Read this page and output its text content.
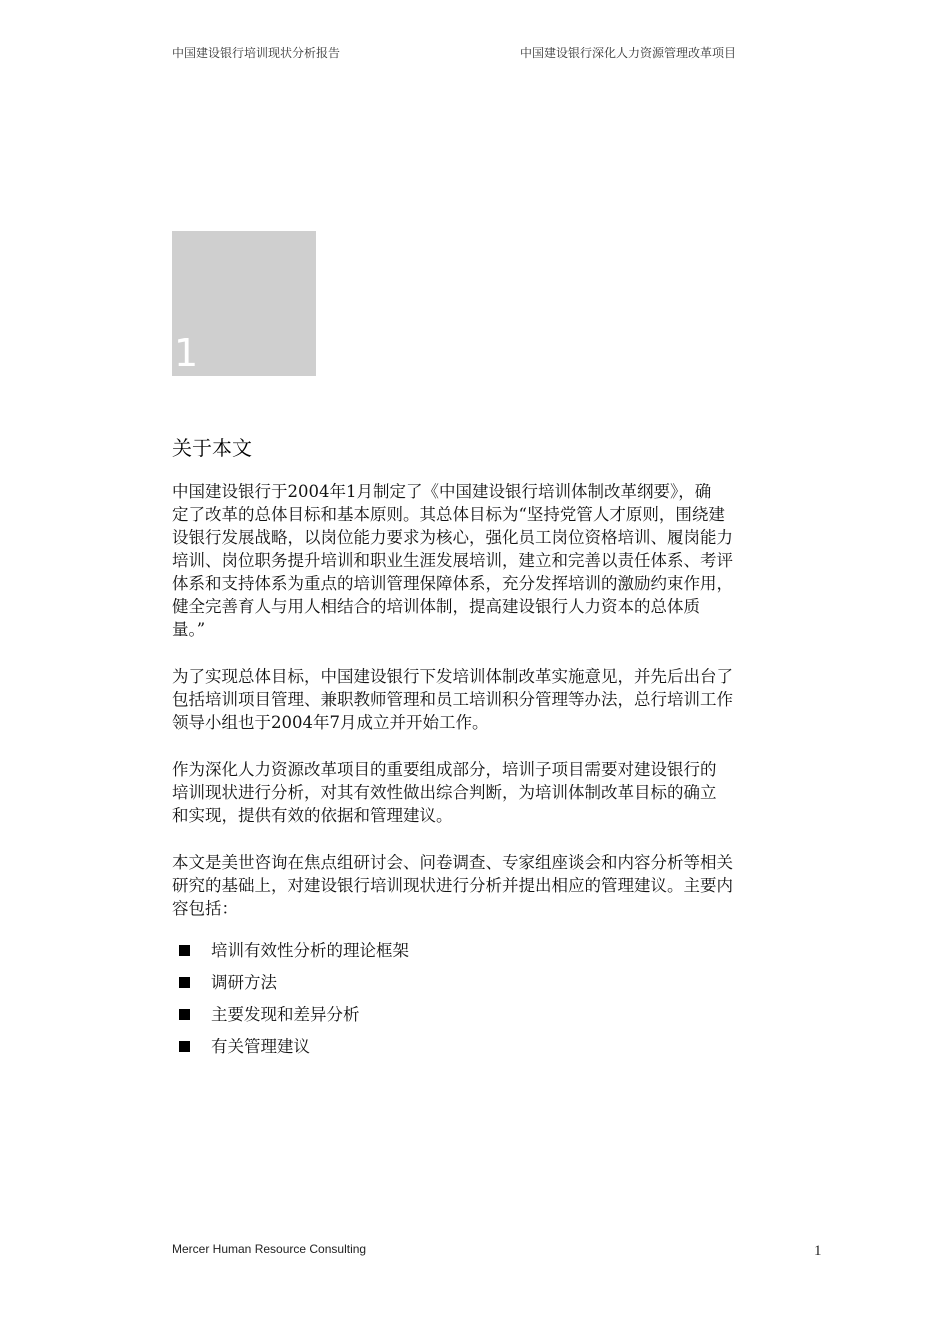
中国建设银行培训现状分析报告	中国建设银行深化人力资源管理改革项目
1
关于本文
中国建设银行于2004年1月制定了《中国建设银行培训体制改革纲要》，确
定了改革的总体目标和基本原则。其总体目标为“坚持党管人才原则，围绕建
设银行发展战略，以岗位能力要求为核心，强化员工岗位资格培训、履岗能力
培训、岗位职务提升培训和职业生涯发展培训，建立和完善以责任体系、考评
体系和支持体系为重点的培训管理保障体系，充分发挥培训的激励约束作用，
健全完善育人与用人相结合的培训体制，提高建设银行人力资本的总体质
量。”
为了实现总体目标，中国建设银行下发培训体制改革实施意见，并先后出台了
包括培训项目管理、兼职教师管理和员工培训积分管理等办法，总行培训工作
领导小组也于2004年7月成立并开始工作。
作为深化人力资源改革项目的重要组成部分，培训子项目需要对建设银行的
培训现状进行分析，对其有效性做出综合判断，为培训体制改革目标的确立
和实现，提供有效的依据和管理建议。
本文是美世咨询在焦点组研讨会、问卷调查、专家组座谈会和内容分析等相关
研究的基础上，对建设银行培训现状进行分析并提出相应的管理建议。主要内
容包括：
培训有效性分析的理论框架
调研方法
主要发现和差异分析
有关管理建议
Mercer Human Resource Consulting	1
